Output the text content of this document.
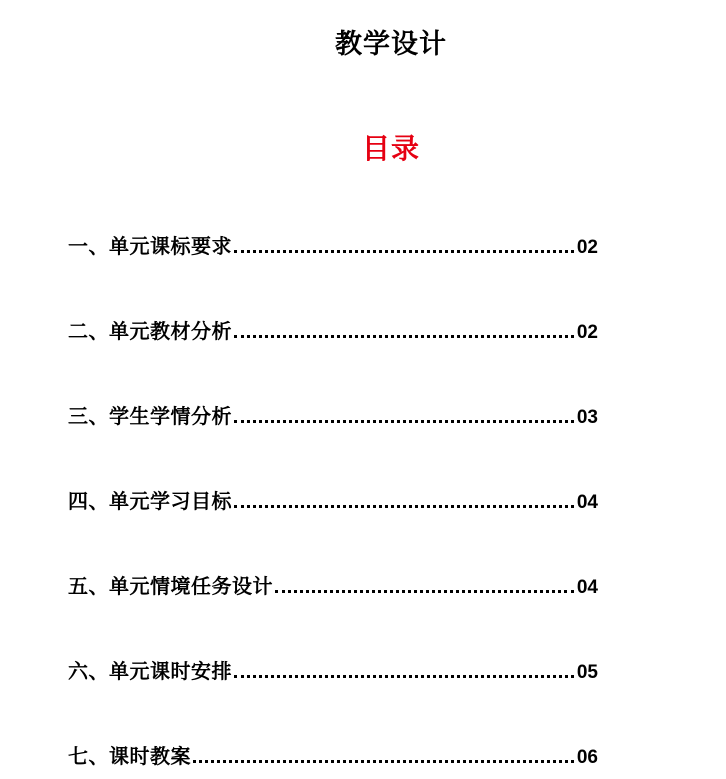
教学设计
目录
一、单元课标要求	02
二、单元教材分析	02
三、学生学情分析	03
四、单元学习目标	04
五、单元情境任务设计	04
六、单元课时安排	05
七、课时教案	06
